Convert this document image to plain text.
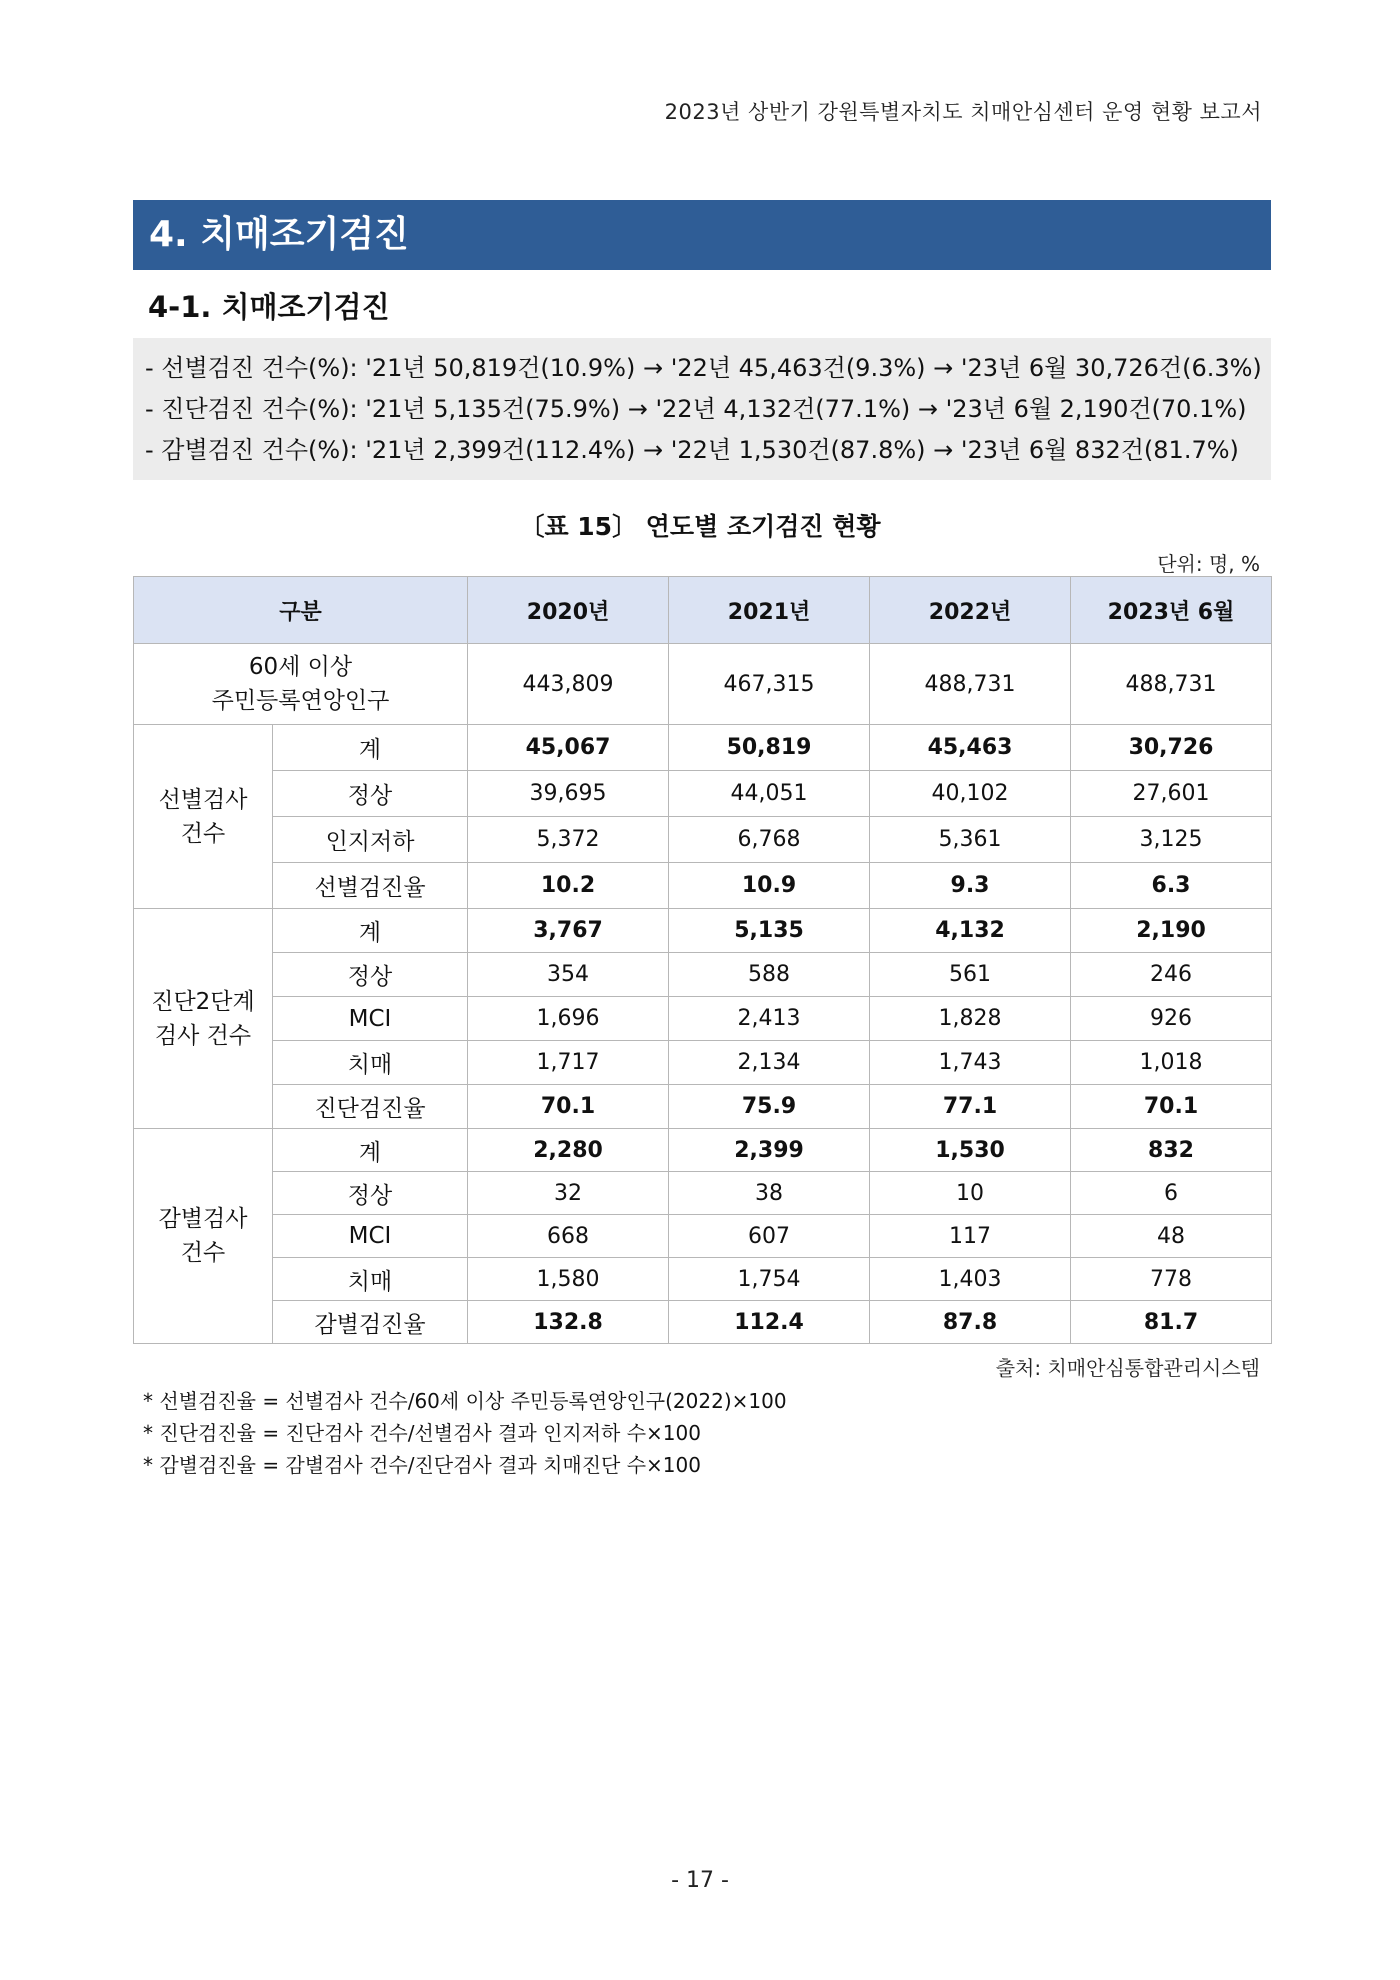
2023년 상반기 강원특별자치도 치매안심센터 운영 현황 보고서
4. 치매조기검진
4-1. 치매조기검진
- 선별검진 건수(%): '21년 50,819건(10.9%) → '22년 45,463건(9.3%) → '23년 6월 30,726건(6.3%)
- 진단검진 건수(%): '21년 5,135건(75.9%) → '22년 4,132건(77.1%) → '23년 6월 2,190건(70.1%)
- 감별검진 건수(%): '21년 2,399건(112.4%) → '22년 1,530건(87.8%) → '23년 6월 832건(81.7%)
〔표 15〕 연도별 조기검진 현황
단위: 명, %
구분		2020년	2021년	2022년	2023년 6월

60세 이상
주민등록연앙인구		443,809	467,315	488,731	488,731

선별검사
건수	계	45,067	50,819	45,463	30,726
	정상	39,695	44,051	40,102	27,601
	인지저하	5,372	6,768	5,361	3,125
	선별검진율	10.2	10.9	9.3	6.3

진단2단계
검사 건수	계	3,767	5,135	4,132	2,190
	정상	354	588	561	246
	MCI	1,696	2,413	1,828	926
	치매	1,717	2,134	1,743	1,018
	진단검진율	70.1	75.9	77.1	70.1

감별검사
건수	계	2,280	2,399	1,530	832
	정상	32	38	10	6
	MCI	668	607	117	48
	치매	1,580	1,754	1,403	778
	감별검진율	132.8	112.4	87.8	81.7
출처: 치매안심통합관리시스템
* 선별검진율 = 선별검사 건수/60세 이상 주민등록연앙인구(2022)×100
* 진단검진율 = 진단검사 건수/선별검사 결과 인지저하 수×100
* 감별검진율 = 감별검사 건수/진단검사 결과 치매진단 수×100
- 17 -
